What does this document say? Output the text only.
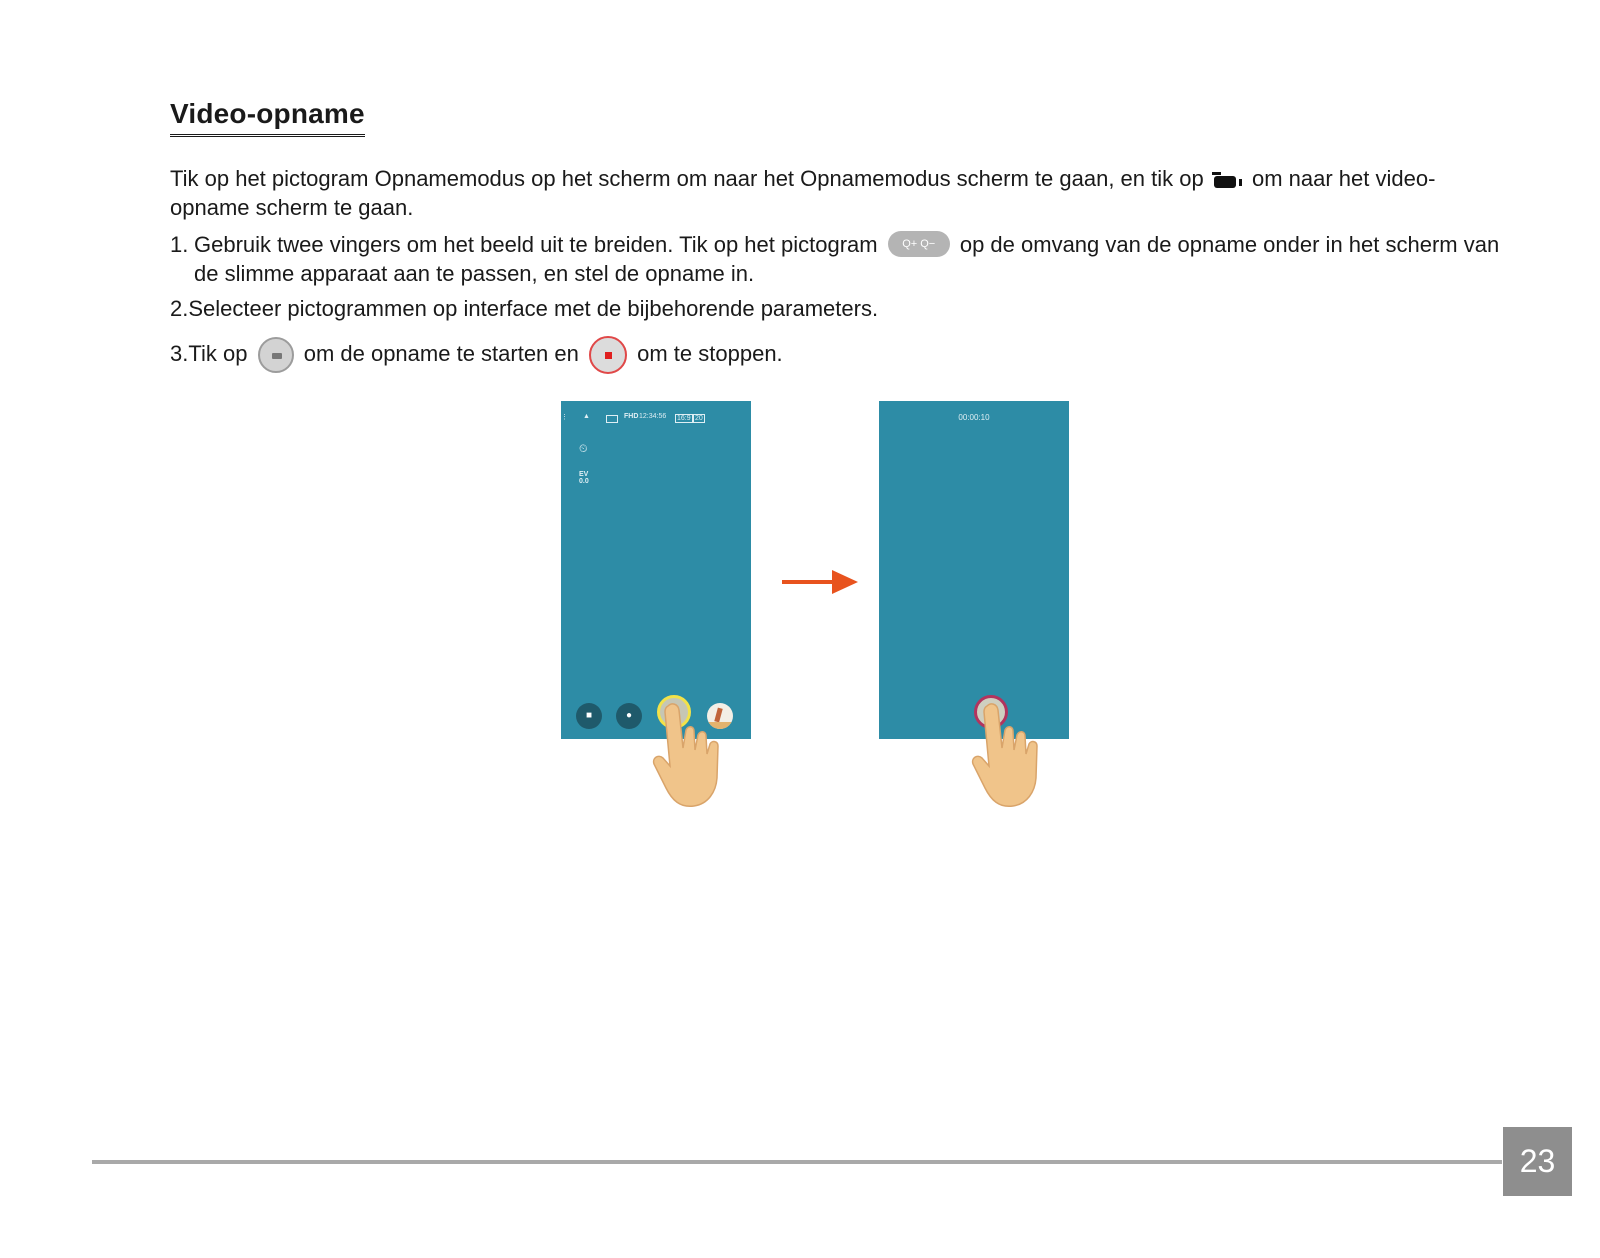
Video-opname
Tik op het pictogram Opnamemodus op het scherm om naar het Opnamemodus scherm te gaan, en tik op om naar het video-opname scherm te gaan.
1. Gebruik twee vingers om het beeld uit te breiden. Tik op het pictogram Q+ Q− op de omvang van de opname onder in het scherm van de slimme apparaat aan te passen, en stel de opname in.
2.Selecteer pictogrammen op interface met de bijbehorende parameters.
3.Tik op	om de opname te starten en	om te stoppen.
⋮ ▲	FHD 12:34:56 16:9 20
⏲
EV
0.0
■	●
00:00:10
23
